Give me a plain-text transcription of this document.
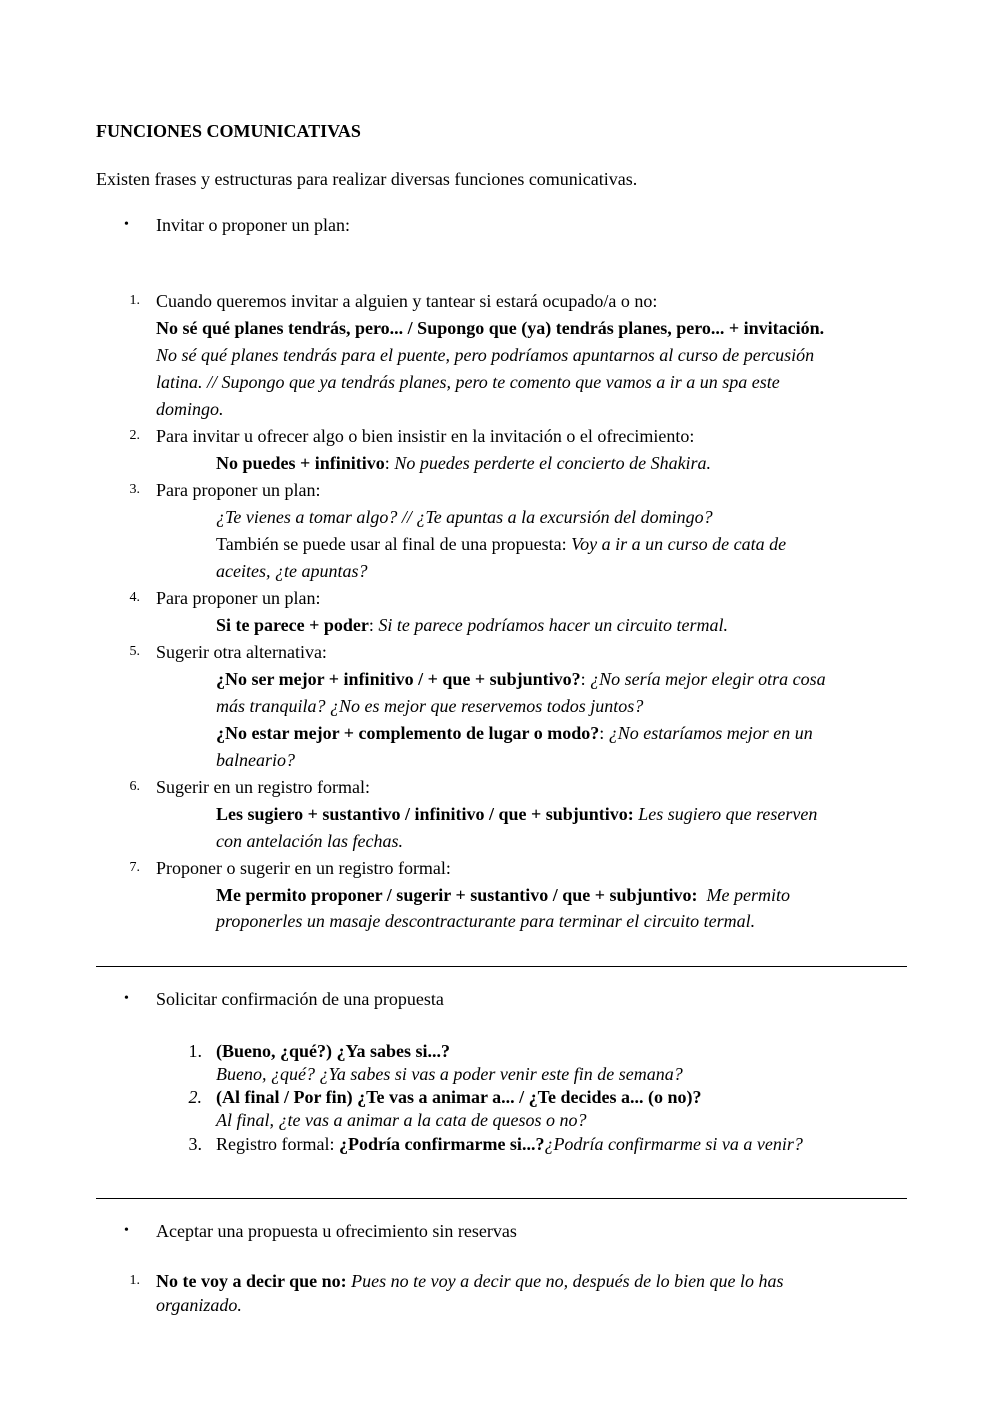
FUNCIONES COMUNICATIVAS
Existen frases y estructuras para realizar diversas funciones comunicativas.
• Invitar o proponer un plan:
1. Cuando queremos invitar a alguien y tantear si estará ocupado/a o no:
No sé qué planes tendrás, pero... / Supongo que (ya) tendrás planes, pero... + invitación.
No sé qué planes tendrás para el puente, pero podríamos apuntarnos al curso de percusión
latina. // Supongo que ya tendrás planes, pero te comento que vamos a ir a un spa este
domingo.
2. Para invitar u ofrecer algo o bien insistir en la invitación o el ofrecimiento:
No puedes + infinitivo: No puedes perderte el concierto de Shakira.
3. Para proponer un plan:
¿Te vienes a tomar algo? // ¿Te apuntas a la excursión del domingo?
También se puede usar al final de una propuesta: Voy a ir a un curso de cata de
aceites, ¿te apuntas?
4. Para proponer un plan:
Si te parece + poder: Si te parece podríamos hacer un circuito termal.
5. Sugerir otra alternativa:
¿No ser mejor + infinitivo / + que + subjuntivo?: ¿No sería mejor elegir otra cosa
más tranquila? ¿No es mejor que reservemos todos juntos?
¿No estar mejor + complemento de lugar o modo?: ¿No estaríamos mejor en un
balneario?
6. Sugerir en un registro formal:
Les sugiero + sustantivo / infinitivo / que + subjuntivo: Les sugiero que reserven
con antelación las fechas.
7. Proponer o sugerir en un registro formal:
Me permito proponer / sugerir + sustantivo / que + subjuntivo: Me permito
proponerles un masaje descontracturante para terminar el circuito termal.
• Solicitar confirmación de una propuesta
1. (Bueno, ¿qué?) ¿Ya sabes si...?
Bueno, ¿qué? ¿Ya sabes si vas a poder venir este fin de semana?
2. (Al final / Por fin) ¿Te vas a animar a... / ¿Te decides a... (o no)?
Al final, ¿te vas a animar a la cata de quesos o no?
3. Registro formal: ¿Podría confirmarme si...?¿Podría confirmarme si va a venir?
• Aceptar una propuesta u ofrecimiento sin reservas
1. No te voy a decir que no: Pues no te voy a decir que no, después de lo bien que lo has
organizado.
